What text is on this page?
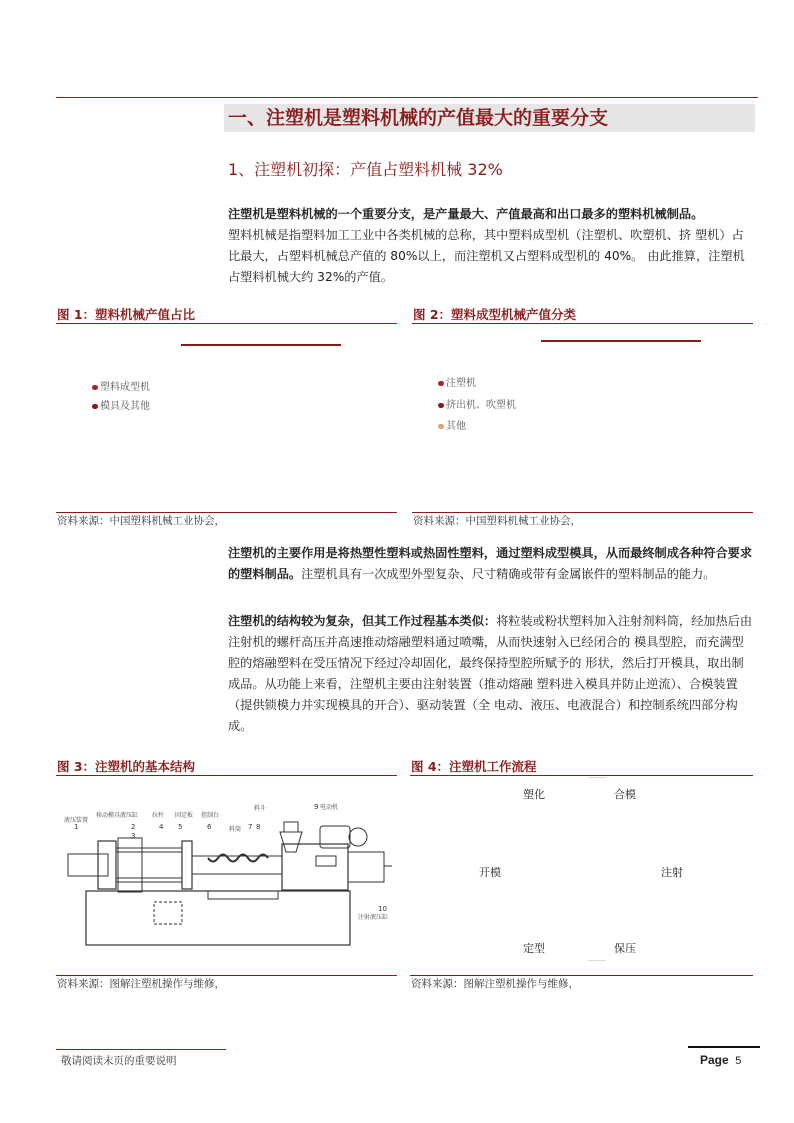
一、注塑机是塑料机械的产值最大的重要分支
1、注塑机初探：产值占塑料机械 32%
注塑机是塑料机械的一个重要分支，是产量最大、产值最高和出口最多的塑料机械制品。
塑料机械是指塑料加工工业中各类机械的总称，其中塑料成型机（注塑机、吹塑机、挤 塑机）占比最大，占塑料机械总产值的 80%以上，而注塑机又占塑料成型机的 40%。 由此推算，注塑机占塑料机械大约 32%的产值。
图 1：塑料机械产值占比
塑料成型机
模具及其他
资料来源：中国塑料机械工业协会，
图 2：塑料成型机械产值分类
注塑机
挤出机、吹塑机
其他
资料来源：中国塑料机械工业协会，
注塑机的主要作用是将热塑性塑料或热固性塑料，通过塑料成型模具，从而最终制成各种符合要求的塑料制品。注塑机具有一次成型外型复杂、尺寸精确或带有金属嵌件的塑料制品的能力。
注塑机的结构较为复杂，但其工作过程基本类似：将粒装或粉状塑料加入注射剂料筒，经加热后由注射机的螺杆高压并高速推动熔融塑料通过喷嘴，从而快速射入已经闭合的 模具型腔，而充满型腔的熔融塑料在受压情况下经过冷却固化，最终保持型腔所赋予的 形状，然后打开模具，取出制成品。从功能上来看，注塑机主要由注射装置（推动熔融 塑料进入模具并防止逆流）、合模装置（提供锁模力并实现模具的开合）、驱动装置（全 电动、液压、电液混合）和控制系统四部分构成。
图 3：注塑机的基本结构
液压装置
移动模具液压缸 拉杆 固定板 控制台
料斗
料筒
电动机
注射液压缸
1	2
3
4 5	6	7 8
9
10
资料来源：图解注塑机操作与维修，
图 4：注塑机工作流程
塑化	合模
开模	注射
定型	保压
资料来源：图解注塑机操作与维修，
敬请阅读末页的重要说明	Page 5
